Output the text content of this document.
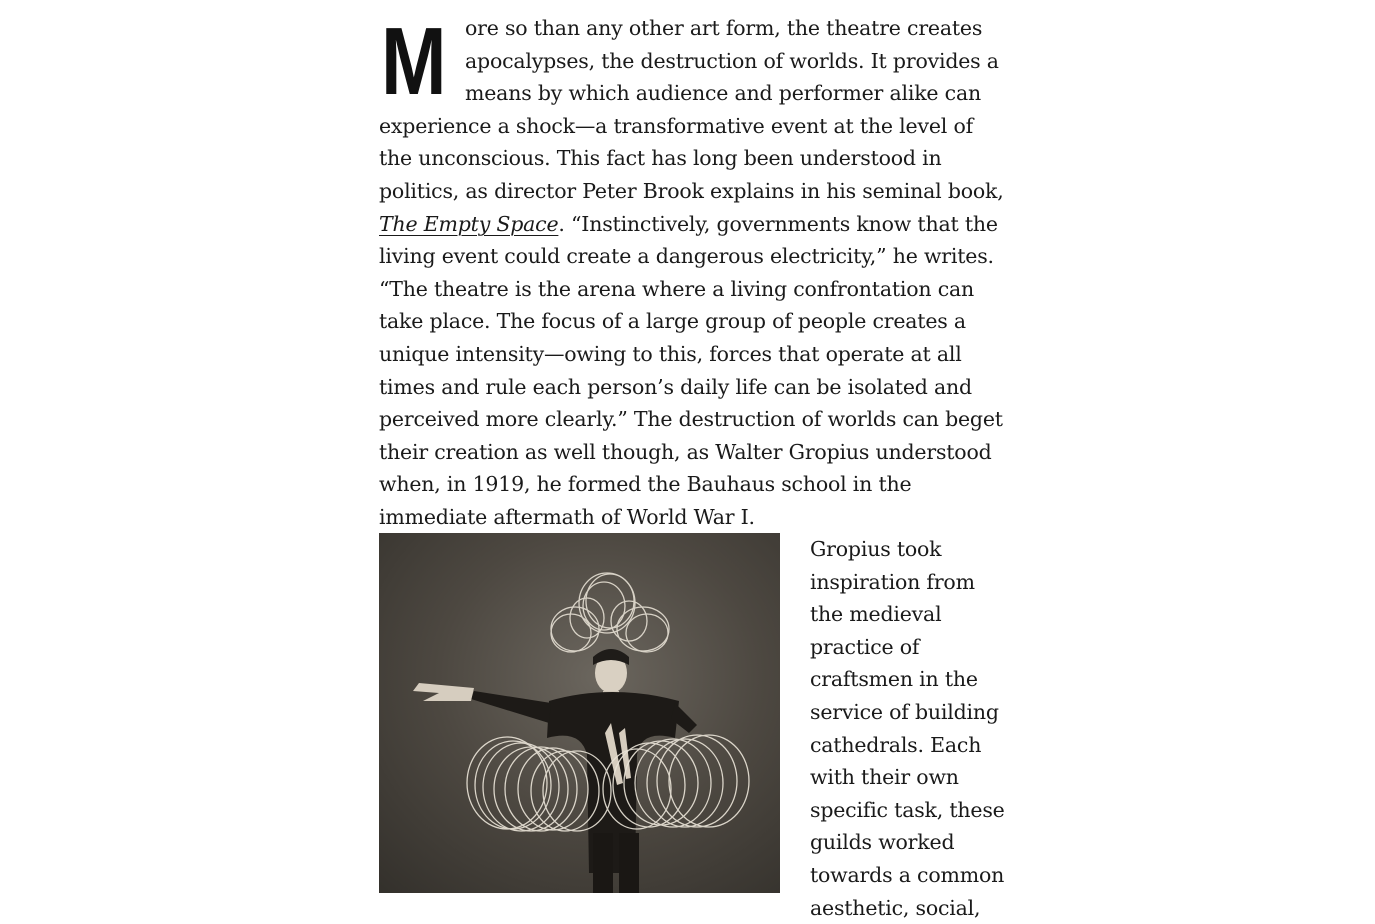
More so than any other art form, the theatre creates apocalypses, the destruction of worlds. It provides a means by which audience and performer alike can experience a shock—a transformative event at the level of the unconscious. This fact has long been understood in politics, as director Peter Brook explains in his seminal book, The Empty Space. “Instinctively, governments know that the living event could create a dangerous electricity,” he writes. “The theatre is the arena where a living confrontation can take place. The focus of a large group of people creates a unique intensity—owing to this, forces that operate at all times and rule each person’s daily life can be isolated and perceived more clearly.” The destruction of worlds can beget their creation as well though, as Walter Gropius understood when, in 1919, he formed the Bauhaus school in the immediate aftermath of World War I.

Gropius took inspiration from the medieval practice of craftsmen in the service of building cathedrals. Each with their own specific task, these guilds worked towards a common aesthetic, social,
